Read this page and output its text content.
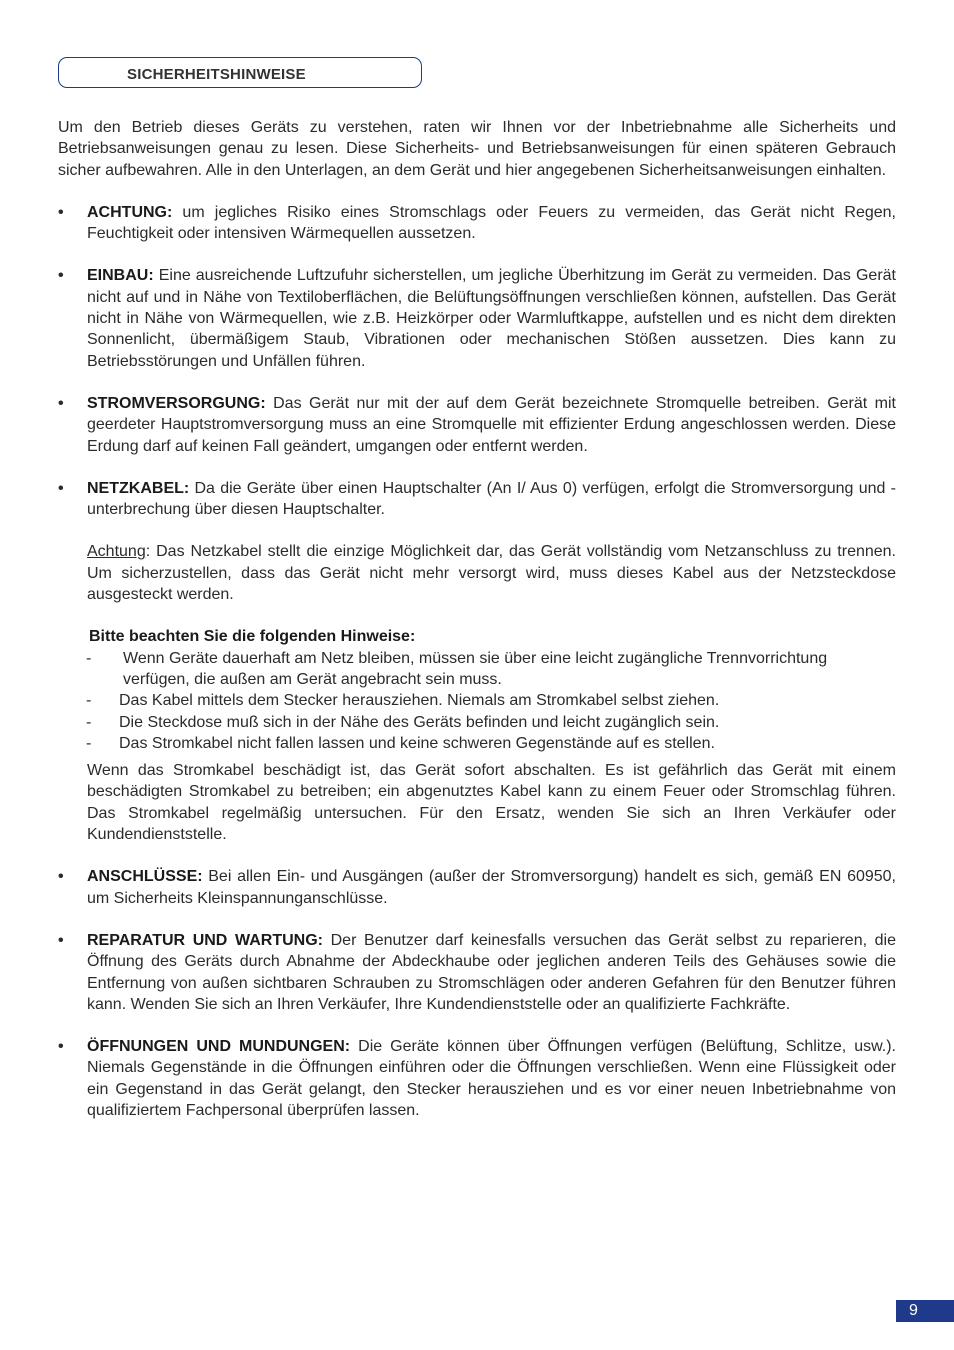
SICHERHEITSHINWEISE

Um den Betrieb dieses Geräts zu verstehen, raten wir Ihnen vor der Inbetriebnahme alle Sicherheits und Betriebsanweisungen genau zu lesen. Diese Sicherheits- und Betriebsanweisungen für einen späteren Gebrauch sicher aufbewahren. Alle in den Unterlagen, an dem Gerät und hier angegebenen Sicherheitsanweisungen einhalten.

• ACHTUNG: um jegliches Risiko eines Stromschlags oder Feuers zu vermeiden, das Gerät nicht Regen, Feuchtigkeit oder intensiven Wärmequellen aussetzen.

• EINBAU: Eine ausreichende Luftzufuhr sicherstellen, um jegliche Überhitzung im Gerät zu vermeiden. Das Gerät nicht auf und in Nähe von Textiloberflächen, die Belüftungsöffnungen verschließen können, aufstellen. Das Gerät nicht in Nähe von Wärmequellen, wie z.B. Heizkörper oder Warmluftkappe, aufstellen und es nicht dem direkten Sonnenlicht, übermäßigem Staub, Vibrationen oder mechanischen Stößen aussetzen. Dies kann zu Betriebsstörungen und Unfällen führen.

• STROMVERSORGUNG: Das Gerät nur mit der auf dem Gerät bezeichnete Stromquelle betreiben. Gerät mit geerdeter Hauptstromversorgung muss an eine Stromquelle mit effizienter Erdung angeschlossen werden. Diese Erdung darf auf keinen Fall geändert, umgangen oder entfernt werden.

• NETZKABEL: Da die Geräte über einen Hauptschalter (An I/ Aus 0) verfügen, erfolgt die Stromversorgung und -unterbrechung über diesen Hauptschalter.

Achtung: Das Netzkabel stellt die einzige Möglichkeit dar, das Gerät vollständig vom Netzanschluss zu trennen. Um sicherzustellen, dass das Gerät nicht mehr versorgt wird, muss dieses Kabel aus der Netzsteckdose ausgesteckt werden.

Bitte beachten Sie die folgenden Hinweise:
- Wenn Geräte dauerhaft am Netz bleiben, müssen sie über eine leicht zugängliche Trennvorrichtung verfügen, die außen am Gerät angebracht sein muss.
- Das Kabel mittels dem Stecker herausziehen. Niemals am Stromkabel selbst ziehen.
- Die Steckdose muß sich in der Nähe des Geräts befinden und leicht zugänglich sein.
- Das Stromkabel nicht fallen lassen und keine schweren Gegenstände auf es stellen.

Wenn das Stromkabel beschädigt ist, das Gerät sofort abschalten. Es ist gefährlich das Gerät mit einem beschädigten Stromkabel zu betreiben; ein abgenutztes Kabel kann zu einem Feuer oder Stromschlag führen. Das Stromkabel regelmäßig untersuchen. Für den Ersatz, wenden Sie sich an Ihren Verkäufer oder Kundendienststelle.

• ANSCHLÜSSE: Bei allen Ein- und Ausgängen (außer der Stromversorgung) handelt es sich, gemäß EN 60950, um Sicherheits Kleinspannunganschlüsse.

• REPARATUR UND WARTUNG: Der Benutzer darf keinesfalls versuchen das Gerät selbst zu reparieren, die Öffnung des Geräts durch Abnahme der Abdeckhaube oder jeglichen anderen Teils des Gehäuses sowie die Entfernung von außen sichtbaren Schrauben zu Stromschlägen oder anderen Gefahren für den Benutzer führen kann. Wenden Sie sich an Ihren Verkäufer, Ihre Kundendienststelle oder an qualifizierte Fachkräfte.

• ÖFFNUNGEN UND MUNDUNGEN: Die Geräte können über Öffnungen verfügen (Belüftung, Schlitze, usw.). Niemals Gegenstände in die Öffnungen einführen oder die Öffnungen verschließen. Wenn eine Flüssigkeit oder ein Gegenstand in das Gerät gelangt, den Stecker herausziehen und es vor einer neuen Inbetriebnahme von qualifiziertem Fachpersonal überprüfen lassen.

9
